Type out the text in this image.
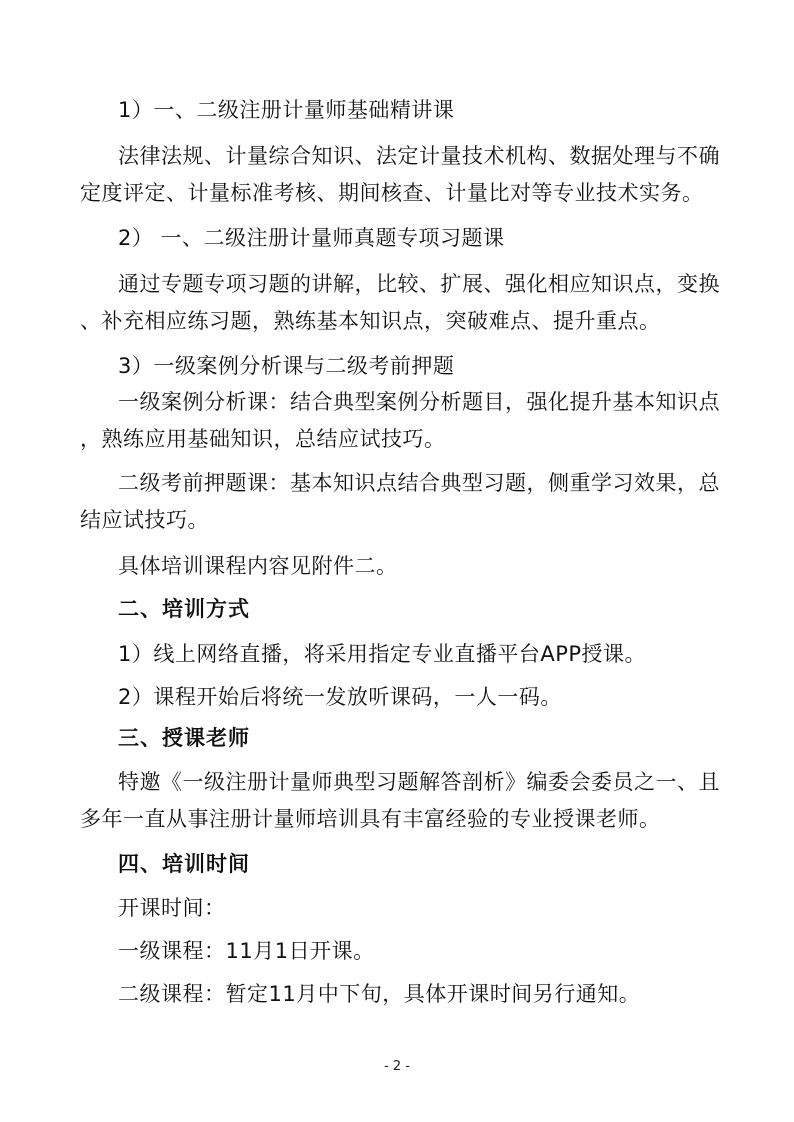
1）一、二级注册计量师基础精讲课
法律法规、计量综合知识、法定计量技术机构、数据处理与不确
定度评定、计量标准考核、期间核查、计量比对等专业技术实务。
2） 一、二级注册计量师真题专项习题课
通过专题专项习题的讲解，比较、扩展、强化相应知识点，变换
、补充相应练习题，熟练基本知识点，突破难点、提升重点。
3）一级案例分析课与二级考前押题
一级案例分析课：结合典型案例分析题目，强化提升基本知识点
，熟练应用基础知识，总结应试技巧。
二级考前押题课：基本知识点结合典型习题，侧重学习效果，总
结应试技巧。
具体培训课程内容见附件二。
二、培训方式
1）线上网络直播，将采用指定专业直播平台APP授课。
2）课程开始后将统一发放听课码，一人一码。
三、授课老师
特邀《一级注册计量师典型习题解答剖析》编委会委员之一、且
多年一直从事注册计量师培训具有丰富经验的专业授课老师。
四、培训时间
开课时间：
一级课程：11月1日开课。
二级课程：暂定11月中下旬，具体开课时间另行通知。
- 2 -
